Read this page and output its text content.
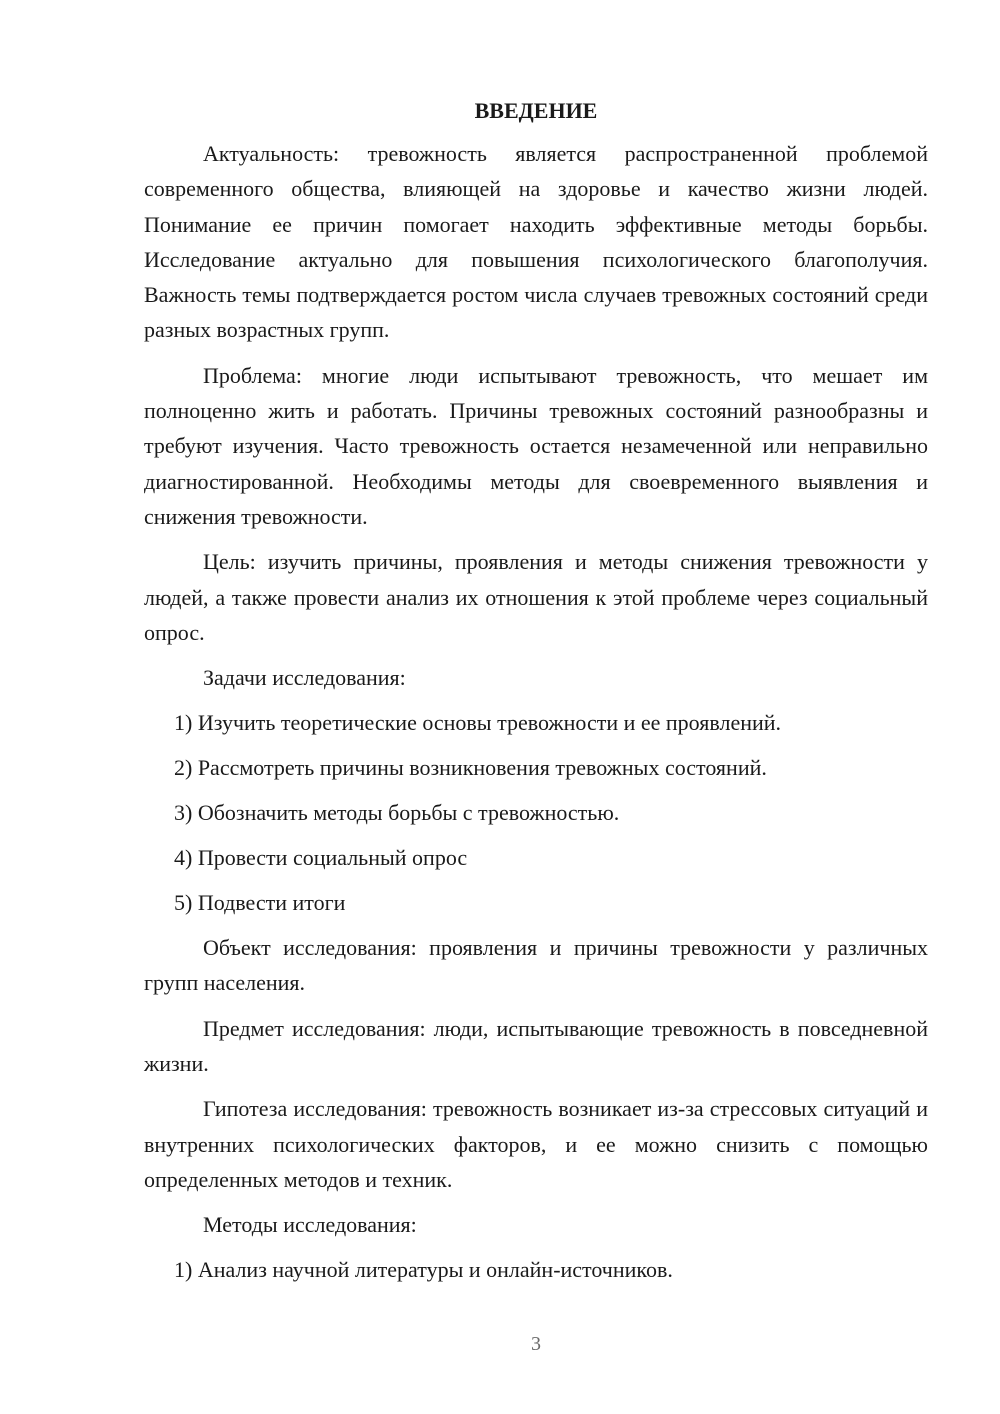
ВВЕДЕНИЕ

Актуальность: тревожность является распространенной проблемой современного общества, влияющей на здоровье и качество жизни людей. Понимание ее причин помогает находить эффективные методы борьбы. Исследование актуально для повышения психологического благополучия. Важность темы подтверждается ростом числа случаев тревожных состояний среди разных возрастных групп.

Проблема: многие люди испытывают тревожность, что мешает им полноценно жить и работать. Причины тревожных состояний разнообразны и требуют изучения. Часто тревожность остается незамеченной или неправильно диагностированной. Необходимы методы для своевременного выявления и снижения тревожности.

Цель: изучить причины, проявления и методы снижения тревожности у людей, а также провести анализ их отношения к этой проблеме через социальный опрос.

Задачи исследования:

1) Изучить теоретические основы тревожности и ее проявлений.

2) Рассмотреть причины возникновения тревожных состояний.

3) Обозначить методы борьбы с тревожностью.

4) Провести социальный опрос

5) Подвести итоги

Объект исследования: проявления и причины тревожности у различных групп населения.

Предмет исследования: люди, испытывающие тревожность в повседневной жизни.

Гипотеза исследования: тревожность возникает из-за стрессовых ситуаций и внутренних психологических факторов, и ее можно снизить с помощью определенных методов и техник.

Методы исследования:

1) Анализ научной литературы и онлайн-источников.

3
